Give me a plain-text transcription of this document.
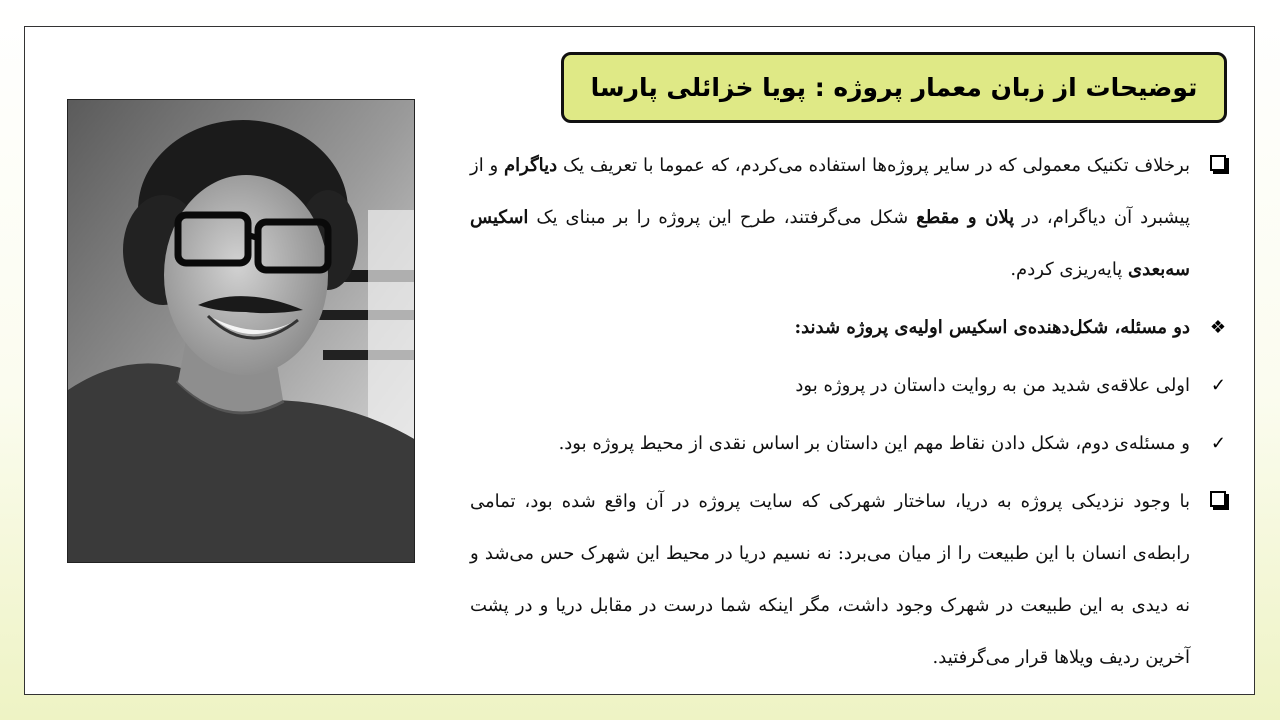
توضیحات از زبان معمار پروژه : پویا خزائلی پارسا
برخلاف تکنیک معمولی که در سایر پروژه‌ها استفاده می‌کردم، که عموما با تعریف یک دیاگرام و از پیشبرد آن دیاگرام، در پلان و مقطع شکل می‌گرفتند، طرح این پروژه را بر مبنای یک اسکیس سه‌بعدی پایه‌ریزی کردم.
❖
دو مسئله، شکل‌دهنده‌ی اسکیس اولیه‌ی پروژه شدند:
✓
اولی علاقه‌ی شدید من به روایت داستان در پروژه بود
✓
و مسئله‌ی دوم، شکل دادن نقاط مهم این داستان بر اساس نقدی از محیط پروژه بود.
با وجود نزدیکی پروژه به دریا، ساختار شهرکی که سایت پروژه در آن واقع شده بود، تمامی رابطه‌ی انسان با این طبیعت را از میان می‌برد: نه نسیم دریا در محیط این شهرک حس می‌شد و نه دیدی به این طبیعت در شهرک وجود داشت، مگر اینکه شما درست در مقابل دریا و در پشت آخرین ردیف ویلاها قرار می‌گرفتید.
